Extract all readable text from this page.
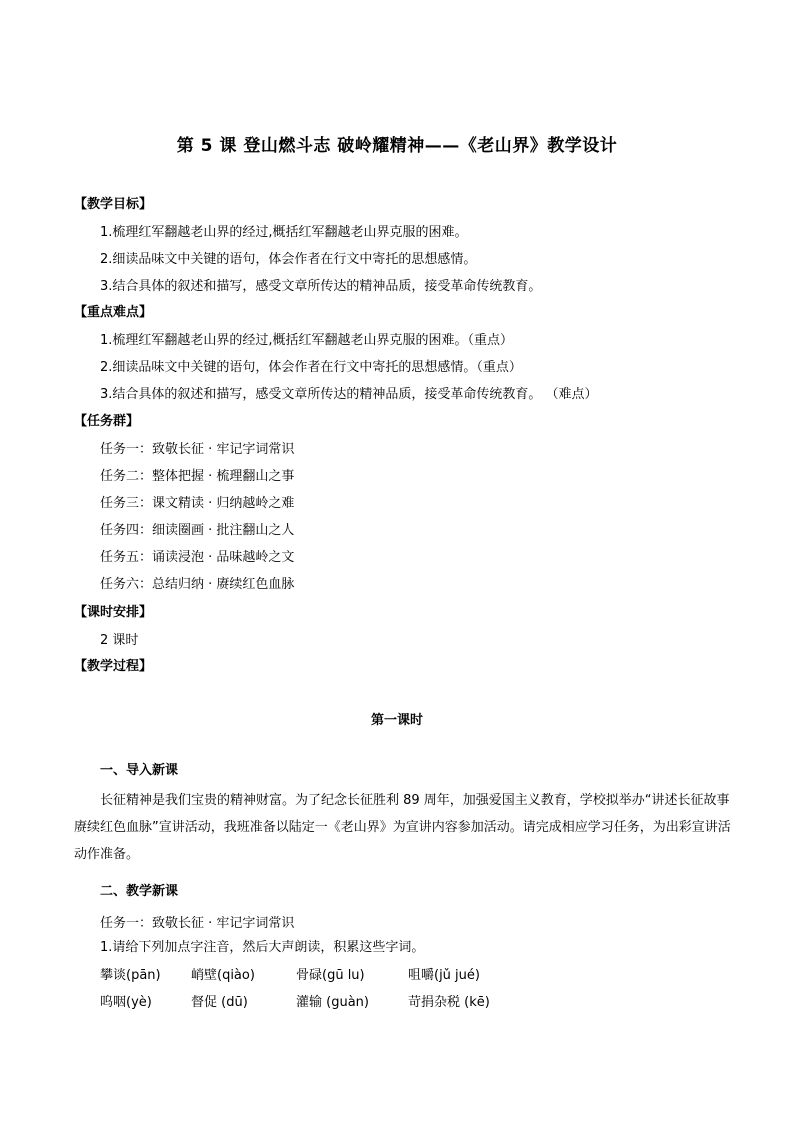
第 5 课 登山燃斗志 破岭耀精神——《老山界》教学设计
【教学目标】
1.梳理红军翻越老山界的经过,概括红军翻越老山界克服的困难。
2.细读品味文中关键的语句，体会作者在行文中寄托的思想感情。
3.结合具体的叙述和描写，感受文章所传达的精神品质，接受革命传统教育。
【重点难点】
1.梳理红军翻越老山界的经过,概括红军翻越老山界克服的困难。（重点）
2.细读品味文中关键的语句，体会作者在行文中寄托的思想感情。（重点）
3.结合具体的叙述和描写，感受文章所传达的精神品质，接受革命传统教育。 （难点）
【任务群】
任务一：致敬长征 · 牢记字词常识
任务二：整体把握 · 梳理翻山之事
任务三：课文精读 · 归纳越岭之难
任务四：细读圈画 · 批注翻山之人
任务五：诵读浸泡 · 品味越岭之文
任务六：总结归纳 · 赓续红色血脉
【课时安排】
2 课时
【教学过程】
第一课时
一、导入新课
长征精神是我们宝贵的精神财富。为了纪念长征胜利 89 周年，加强爱国主义教育，学校拟举办“讲述长征故事 赓续红色血脉”宣讲活动，我班准备以陆定一《老山界》为宣讲内容参加活动。请完成相应学习任务，为出彩宣讲活动作准备。
二、教学新课
任务一：致敬长征 · 牢记字词常识
1.请给下列加点字注音，然后大声朗读，积累这些字词。
攀谈(pān) 峭壁(qiào)	骨碌(gū lu)	咀嚼(jǔ jué)
呜咽(yè)	督促 (dū)	灌输 (guàn)	苛捐杂税 (kē)
